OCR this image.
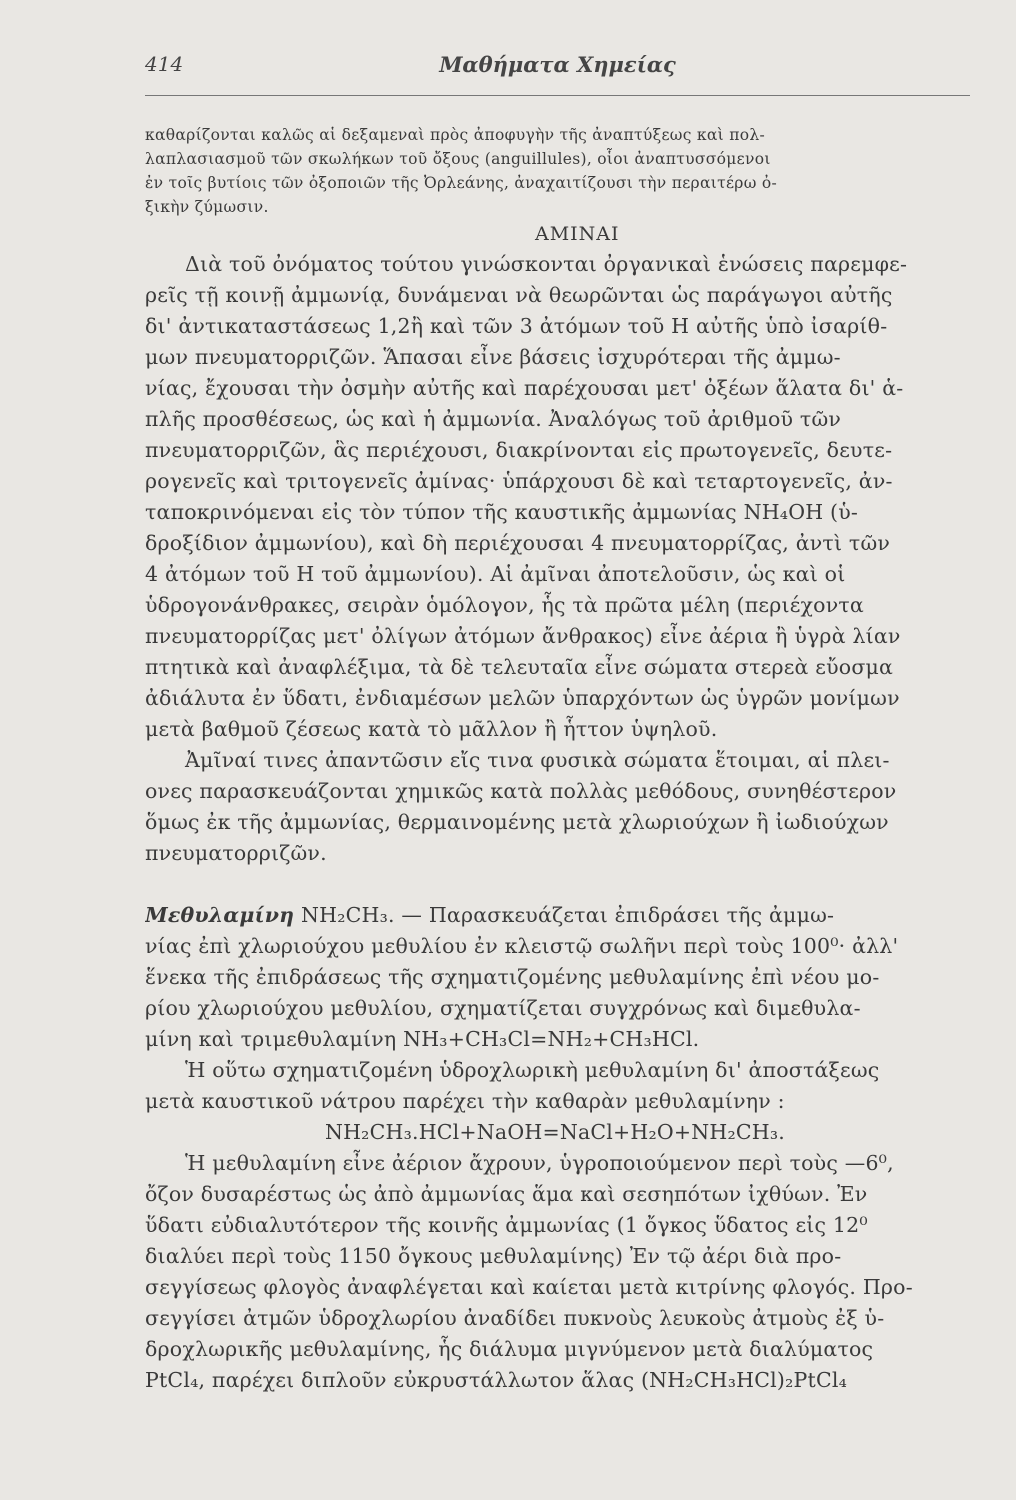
414	Μαθήματα Χημείας
καθαρίζονται καλῶς αἱ δεξαμεναὶ πρὸς ἀποφυγὴν τῆς ἀναπτύξεως καὶ πολ-
λαπλασιασμοῦ τῶν σκωλήκων τοῦ ὄξους (anguillules), οἷοι ἀναπτυσσόμενοι
ἐν τοῖς βυτίοις τῶν ὀξοποιῶν τῆς Ὀρλεάνης, ἀναχαιτίζουσι τὴν περαιτέρω ὀ-
ξικὴν ζύμωσιν.
ΑΜΙΝΑΙ
Διὰ τοῦ ὀνόματος τούτου γινώσκονται ὀργανικαὶ ἑνώσεις παρεμφε-
ρεῖς τῇ κοινῇ ἀμμωνίᾳ, δυνάμεναι νὰ θεωρῶνται ὡς παράγωγοι αὐτῆς
δι' ἀντικαταστάσεως 1,2ἢ καὶ τῶν 3 ἀτόμων τοῦ Η αὐτῆς ὑπὸ ἰσαρίθ-
μων πνευματορριζῶν. Ἅπασαι εἶνε βάσεις ἰσχυρότεραι τῆς ἀμμω-
νίας, ἔχουσαι τὴν ὀσμὴν αὐτῆς καὶ παρέχουσαι μετ' ὀξέων ἅλατα δι' ἁ-
πλῆς προσθέσεως, ὡς καὶ ἡ ἀμμωνία. Ἀναλόγως τοῦ ἀριθμοῦ τῶν
πνευματορριζῶν, ἃς περιέχουσι, διακρίνονται εἰς πρωτογενεῖς, δευτε-
ρογενεῖς καὶ τριτογενεῖς ἀμίνας· ὑπάρχουσι δὲ καὶ τεταρτογενεῖς, ἀν-
ταποκρινόμεναι εἰς τὸν τύπον τῆς καυστικῆς ἀμμωνίας NH₄OH (ὑ-
δροξίδιον ἀμμωνίου), καὶ δὴ περιέχουσαι 4 πνευματορρίζας, ἀντὶ τῶν
4 ἀτόμων τοῦ Η τοῦ ἀμμωνίου). Αἱ ἀμῖναι ἀποτελοῦσιν, ὡς καὶ οἱ
ὑδρογονάνθρακες, σειρὰν ὁμόλογον, ἧς τὰ πρῶτα μέλη (περιέχοντα
πνευματορρίζας μετ' ὀλίγων ἀτόμων ἄνθρακος) εἶνε ἀέρια ἢ ὑγρὰ λίαν
πτητικὰ καὶ ἀναφλέξιμα, τὰ δὲ τελευταῖα εἶνε σώματα στερεὰ εὔοσμα
ἀδιάλυτα ἐν ὕδατι, ἐνδιαμέσων μελῶν ὑπαρχόντων ὡς ὑγρῶν μονίμων
μετὰ βαθμοῦ ζέσεως κατὰ τὸ μᾶλλον ἢ ἧττον ὑψηλοῦ.
Ἀμῖναί τινες ἀπαντῶσιν εἴς τινα φυσικὰ σώματα ἕτοιμαι, αἱ πλει-
ονες παρασκευάζονται χημικῶς κατὰ πολλὰς μεθόδους, συνηθέστερον
ὅμως ἐκ τῆς ἀμμωνίας, θερμαινομένης μετὰ χλωριούχων ἢ ἰωδιούχων
πνευματορριζῶν.
Μεθυλαμίνη NH₂CH₃. — Παρασκευάζεται ἐπιδράσει τῆς ἀμμω-
νίας ἐπὶ χλωριούχου μεθυλίου ἐν κλειστῷ σωλῆνι περὶ τοὺς 100⁰· ἀλλ'
ἕνεκα τῆς ἐπιδράσεως τῆς σχηματιζομένης μεθυλαμίνης ἐπὶ νέου μο-
ρίου χλωριούχου μεθυλίου, σχηματίζεται συγχρόνως καὶ διμεθυλα-
μίνη καὶ τριμεθυλαμίνη NH₃+CH₃Cl=NH₂+CH₃HCl.
Ἡ οὕτω σχηματιζομένη ὑδροχλωρικὴ μεθυλαμίνη δι' ἀποστάξεως
μετὰ καυστικοῦ νάτρου παρέχει τὴν καθαρὰν μεθυλαμίνην :
NH₂CH₃.HCl+NaOH=NaCl+H₂O+NH₂CH₃.
Ἡ μεθυλαμίνη εἶνε ἀέριον ἄχρουν, ὑγροποιούμενον περὶ τοὺς —6⁰,
ὄζον δυσαρέστως ὡς ἀπὸ ἀμμωνίας ἅμα καὶ σεσηπότων ἰχθύων. Ἐν
ὕδατι εὐδιαλυτότερον τῆς κοινῆς ἀμμωνίας (1 ὄγκος ὕδατος εἰς 12⁰
διαλύει περὶ τοὺς 1150 ὄγκους μεθυλαμίνης) Ἐν τῷ ἀέρι διὰ προ-
σεγγίσεως φλογὸς ἀναφλέγεται καὶ καίεται μετὰ κιτρίνης φλογός. Προ-
σεγγίσει ἀτμῶν ὑδροχλωρίου ἀναδίδει πυκνοὺς λευκοὺς ἀτμοὺς ἐξ ὑ-
δροχλωρικῆς μεθυλαμίνης, ἧς διάλυμα μιγνύμενον μετὰ διαλύματος
PtCl₄, παρέχει διπλοῦν εὐκρυστάλλωτον ἅλας (NH₂CH₃HCl)₂PtCl₄
